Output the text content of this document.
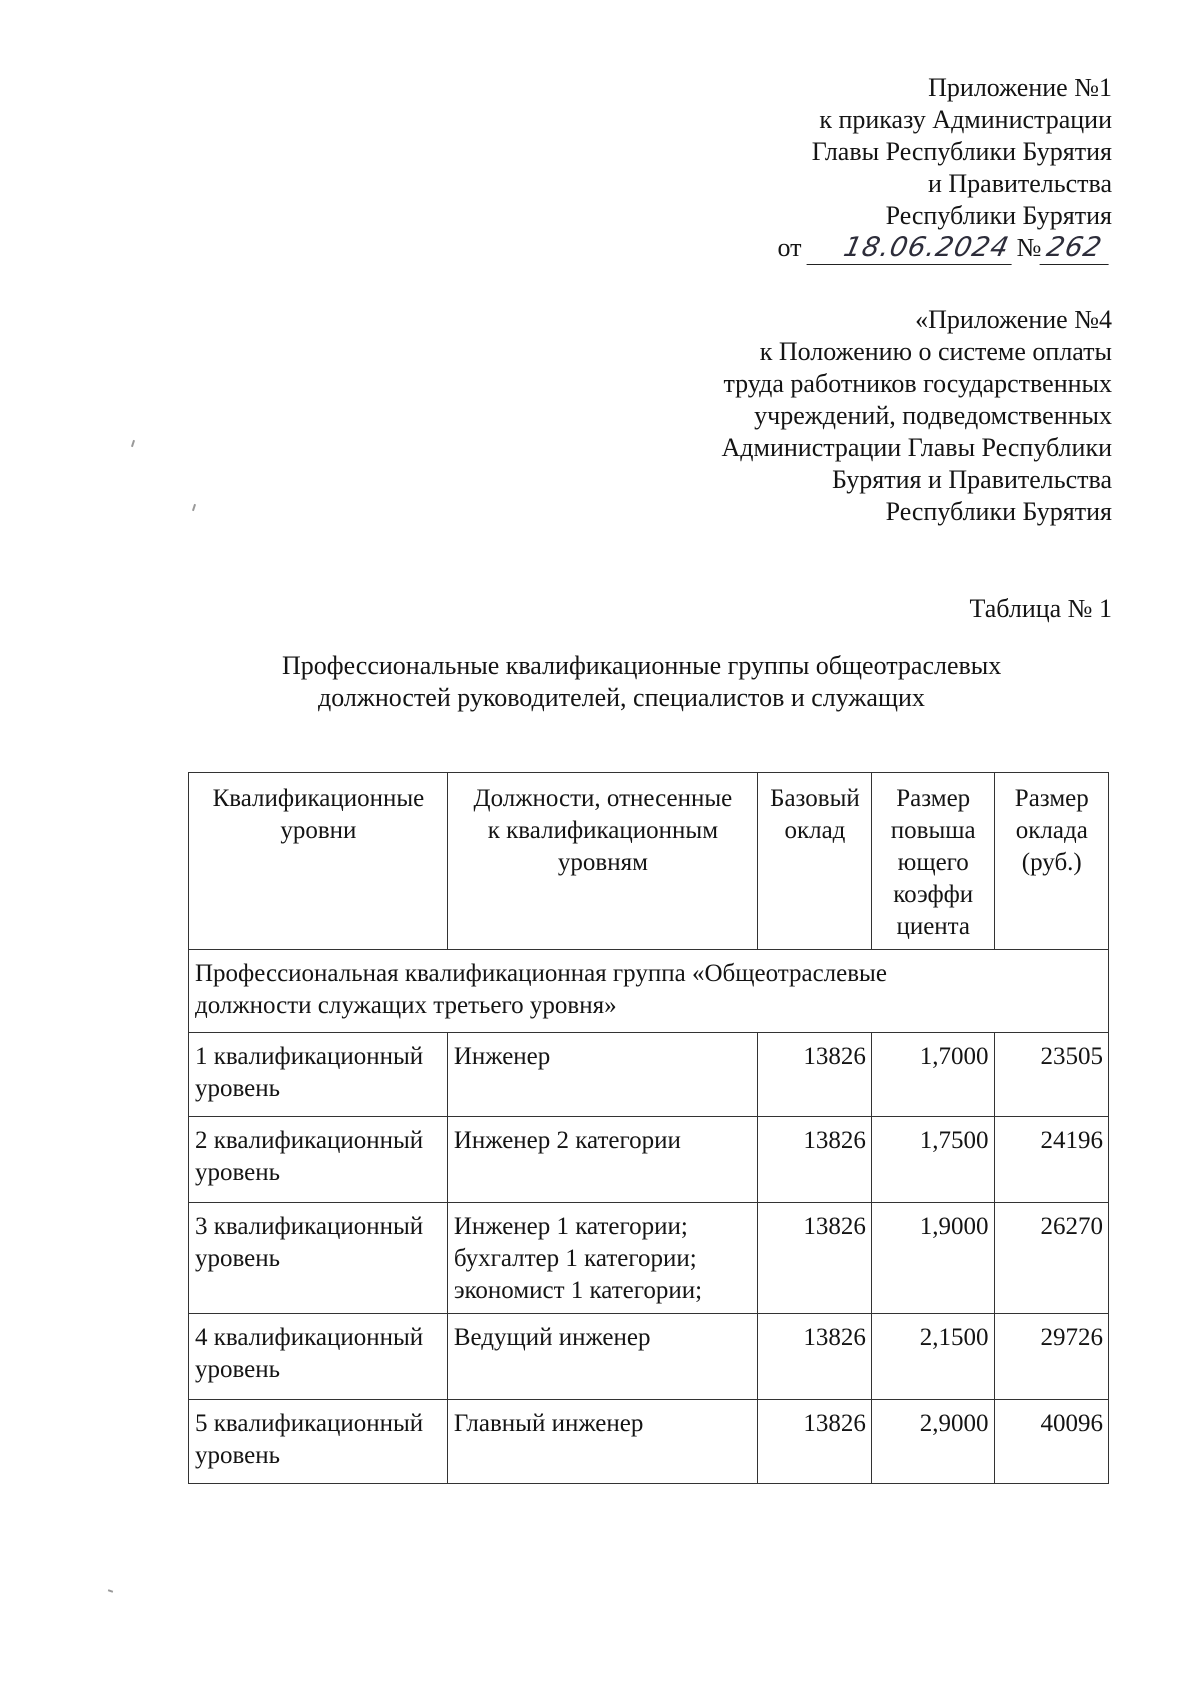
Приложение №1
к приказу Администрации
Главы Республики Бурятия
и Правительства
Республики Бурятия
от 18.06.2024 № 262
«Приложение №4
к Положению о системе оплаты
труда работников государственных
учреждений, подведомственных
Администрации Главы Республики
Бурятия и Правительства
Республики Бурятия
Таблица № 1
Профессиональные квалификационные группы общеотраслевых
должностей руководителей, специалистов и служащих
Квалификационные
уровни	Должности, отнесенные
к квалификационным
уровням	Базовый
оклад	Размер
повыша
ющего
коэффи
циента	Размер
оклада
(руб.)

Профессиональная квалификационная группа «Общеотраслевые
должности служащих третьего уровня»				

1 квалификационный
уровень	Инженер	13826	1,7000	23505

2 квалификационный
уровень	Инженер 2 категории	13826	1,7500	24196

3 квалификационный
уровень	Инженер 1 категории;
бухгалтер 1 категории;
экономист 1 категории;	13826	1,9000	26270

4 квалификационный
уровень	Ведущий инженер	13826	2,1500	29726

5 квалификационный
уровень	Главный инженер	13826	2,9000	40096
